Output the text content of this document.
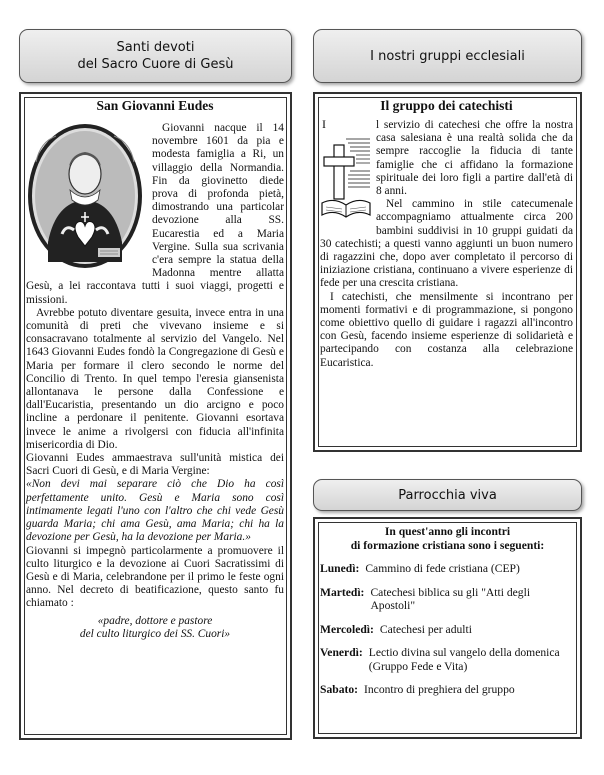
Santi devoti
del Sacro Cuore di Gesù
I nostri gruppi ecclesiali
Parrocchia viva
San Giovanni Eudes

Giovanni nacque il 14 novembre 1601 da pia e modesta famiglia a Ri, un villaggio della Normandia. Fin da giovinetto diede prova di profonda pietà, dimostrando una particolar devozione alla SS. Eucarestia ed a Maria Vergine. Sulla sua scrivania c'era sempre la statua della Madonna mentre allatta Gesù, a lei raccontava tutti i suoi viaggi, progetti e missioni.

Avrebbe potuto diventare gesuita, invece entra in una comunità di preti che vivevano insieme e si consacravano totalmente al servizio del Vangelo. Nel 1643 Giovanni Eudes fondò la Congregazione di Gesù e Maria per formare il clero secondo le norme del Concilio di Trento. In quel tempo l'eresia giansenista allontanava le persone dalla Confessione e dall'Eucaristia, presentando un dio arcigno e poco incline a perdonare il penitente. Giovanni esortava invece le anime a rivolgersi con fiducia all'infinita misericordia di Dio.

Giovanni Eudes ammaestrava sull'unità mistica dei Sacri Cuori di Gesù, e di Maria Vergine:

«Non devi mai separare ciò che Dio ha così perfettamente unito. Gesù e Maria sono così intimamente legati l'uno con l'altro che chi vede Gesù guarda Maria; chi ama Gesù, ama Maria; chi ha la devozione per Gesù, ha la devozione per Maria.»

Giovanni si impegnò particolarmente a promuovere il culto liturgico e la devozione ai Cuori Sacratissimi di Gesù e di Maria, celebrandone per il primo le feste ogni anno. Nel decreto di beatificazione, questo santo fu chiamato :

«padre, dottore e pastore
del culto liturgico dei SS. Cuori»
Il gruppo dei catechisti
I	l servizio di catechesi che offre la nostra casa salesiana è una realtà solida che da sempre raccoglie la fiducia di tante famiglie che ci affidano la formazione spirituale dei loro figli a partire dall'età di 8 anni.

Nel cammino in stile catecumenale accompagniamo attualmente circa 200 bambini suddivisi in 10 gruppi guidati da 30 catechisti; a questi vanno aggiunti un buon numero di ragazzini che, dopo aver completato il percorso di iniziazione cristiana, continuano a vivere esperienze di fede per una crescita cristiana.

I catechisti, che mensilmente si incontrano per momenti formativi e di programmazione, si pongono come obiettivo quello di guidare i ragazzi all'incontro con Gesù, facendo insieme esperienze di solidarietà e partecipando con costanza alla celebrazione Eucaristica.

In quest'anno gli incontri
di formazione cristiana sono i seguenti:
Lunedì: Cammino di fede cristiana (CEP)
Martedì: Catechesi biblica su gli "Atti degli Apostoli"
Mercoledì: Catechesi per adulti
Venerdì: Lectio divina sul vangelo della domenica (Gruppo Fede e Vita)
Sabato: Incontro di preghiera del gruppo
